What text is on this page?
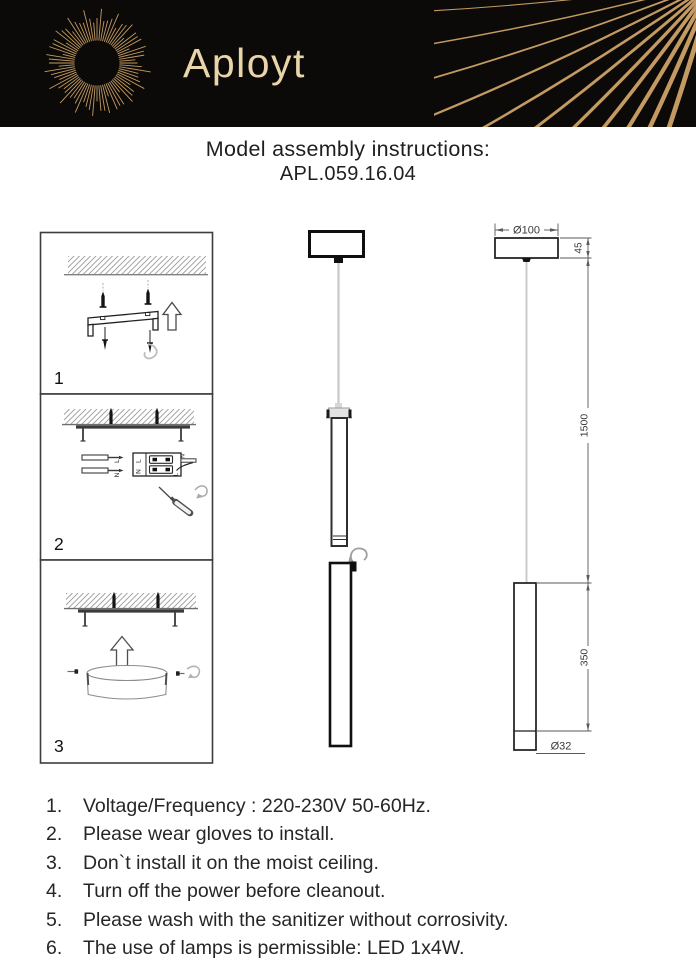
Aployt
Model assembly instructions:
APL.059.16.04
1
L
N
L
N
N
L
2
3
Ø100
45
1500
350
Ø32
1.	Voltage/Frequency : 220-230V 50-60Hz.
2.	Please wear gloves to install.
3.	Don`t install it on the moist ceiling.
4.	Turn off the power before cleanout.
5.	Please wash with the sanitizer without corrosivity.
6.	The use of lamps is permissible: LED 1x4W.
